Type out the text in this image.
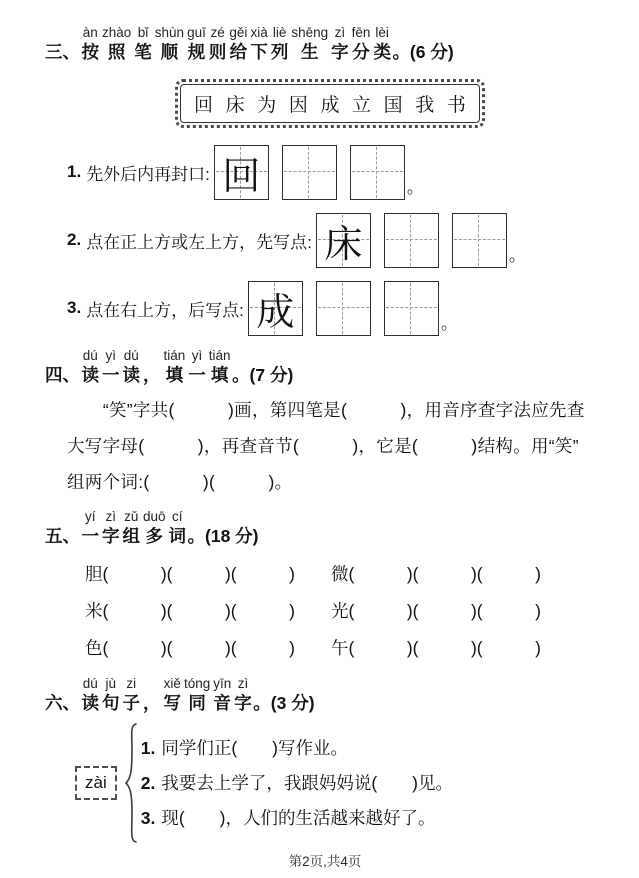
三、
àn
按
zhào
照
bǐ
笔
shùn
顺
guī
规
zé
则
gěi
给
xià
下
liè
列
shēng
生
zì
字
fēn
分
lèi
类 。(6 分)
回 床 为 因 成 立 国 我 书
1. 先外后内再封口: 回	。
2. 点在正上方或左上方，先写点: 床	。
3. 点在右上方，后写点: 成	。
四、
dú
读
yì
一
dú
读 ，
tián
填
yì
一
tián
填 。(7 分)
“笑”字共(　　　)画，第四笔是(　　　)，用音序查字法应先查
大写字母(　　　)，再查音节(　　　)，它是(　　　)结构。用“笑”
组两个词:(　　　)(　　　)。
五、
yí
一
zì
字
zǔ
组
duō
多
cí
词 。(18 分)
胆 (　　　)(　　　)(　　　) 微 (　　　)(　　　)(　　　)
米 (　　　)(　　　)(　　　) 光 (　　　)(　　　)(　　　)
色 (　　　)(　　　)(　　　) 午 (　　　)(　　　)(　　　)
六、
dú
读
jù
句
zi
子 ，
xiě
写
tóng
同
yīn
音
zì
字 。(3 分)
zài
1. 同学们正(　　)写作业。
2. 我要去上学了，我跟妈妈说(　　)见。
3. 现(　　)，人们的生活越来越好了。
第2页,共4页
